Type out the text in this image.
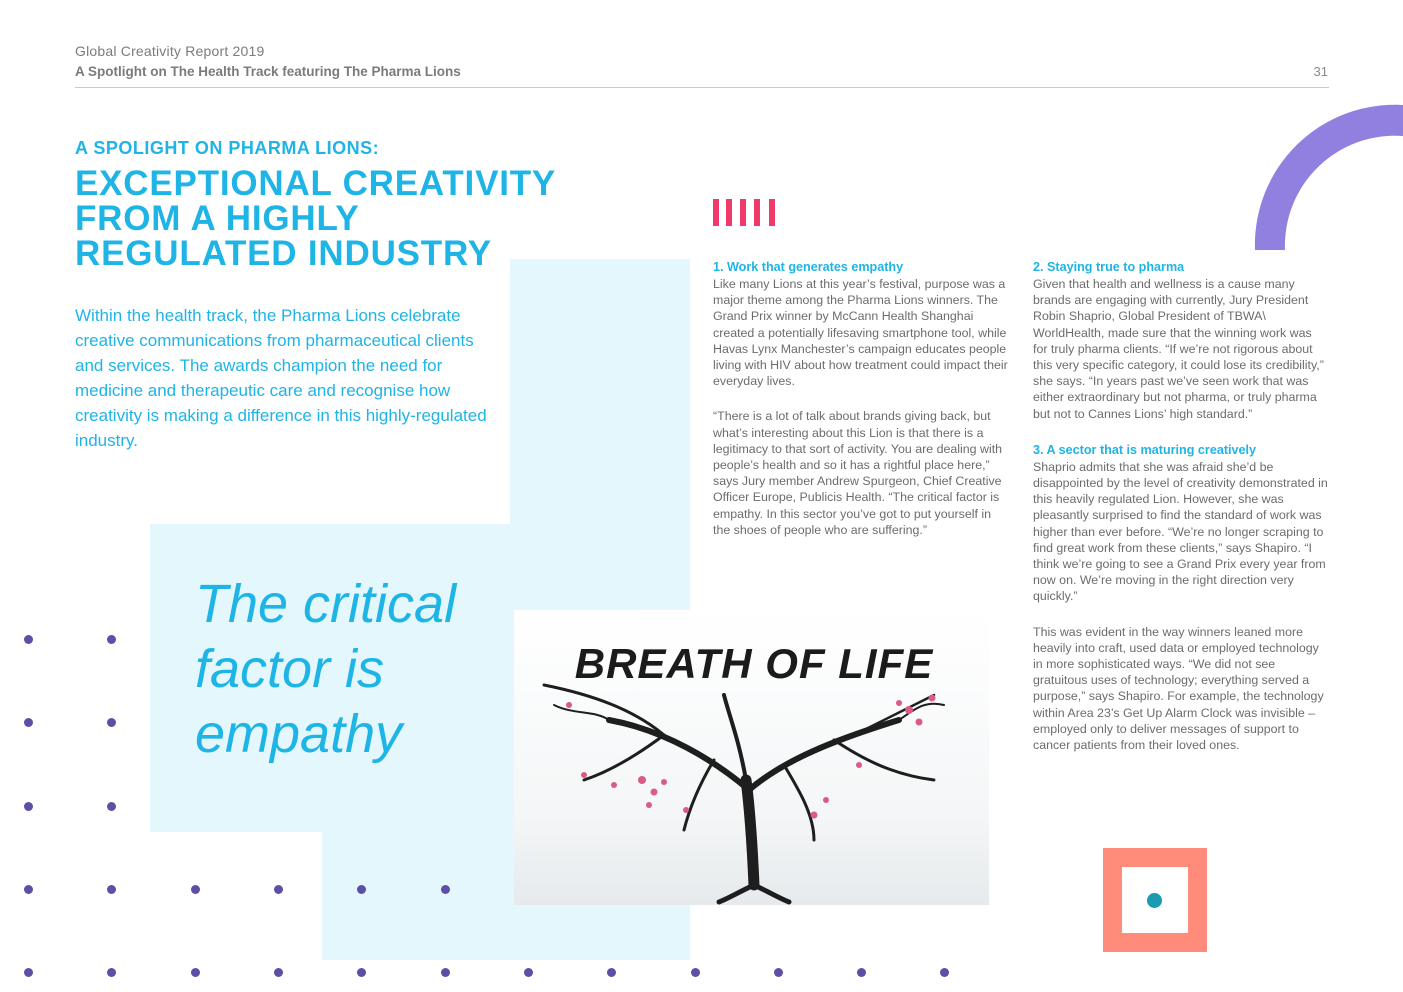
Global Creativity Report 2019
A Spotlight on The Health Track featuring The Pharma Lions	31
A SPOLIGHT ON PHARMA LIONS:
EXCEPTIONAL CREATIVITY
FROM A HIGHLY
REGULATED INDUSTRY

Within the health track, the Pharma Lions celebrate creative communications from pharmaceutical clients and services. The awards champion the need for medicine and therapeutic care and recognise how creativity is making a difference in this highly-regulated industry.

The critical
factor is
empathy

1. Work that generates empathy

Like many Lions at this year’s festival, purpose was a major theme among the Pharma Lions winners. The Grand Prix winner by McCann Health Shanghai created a potentially lifesaving smartphone tool, while Havas Lynx Manchester’s campaign educates people living with HIV about how treatment could impact their everyday lives.

“There is a lot of talk about brands giving back, but what’s interesting about this Lion is that there is a legitimacy to that sort of activity. You are dealing with people’s health and so it has a rightful place here,” says Jury member Andrew Spurgeon, Chief Creative Officer Europe, Publicis Health. “The critical factor is empathy. In this sector you’ve got to put yourself in the shoes of people who are suffering.”

2. Staying true to pharma

Given that health and wellness is a cause many brands are engaging with currently, Jury President Robin Shaprio, Global President of TBWA\ WorldHealth, made sure that the winning work was for truly pharma clients. “If we’re not rigorous about this very specific category, it could lose its credibility,” she says. “In years past we’ve seen work that was either extraordinary but not pharma, or truly pharma but not to Cannes Lions’ high standard.”

3. A sector that is maturing creatively

Shaprio admits that she was afraid she’d be disappointed by the level of creativity demonstrated in this heavily regulated Lion. However, she was pleasantly surprised to find the standard of work was higher than ever before. “We’re no longer scraping to find great work from these clients,” says Shapiro. “I think we’re going to see a Grand Prix every year from now on. We’re moving in the right direction very quickly.”

This was evident in the way winners leaned more heavily into craft, used data or employed technology in more sophisticated ways. “We did not see gratuitous uses of technology; everything served a purpose,” says Shapiro. For example, the technology within Area 23’s Get Up Alarm Clock was invisible – employed only to deliver messages of support to cancer patients from their loved ones.

BREATH OF LIFE
